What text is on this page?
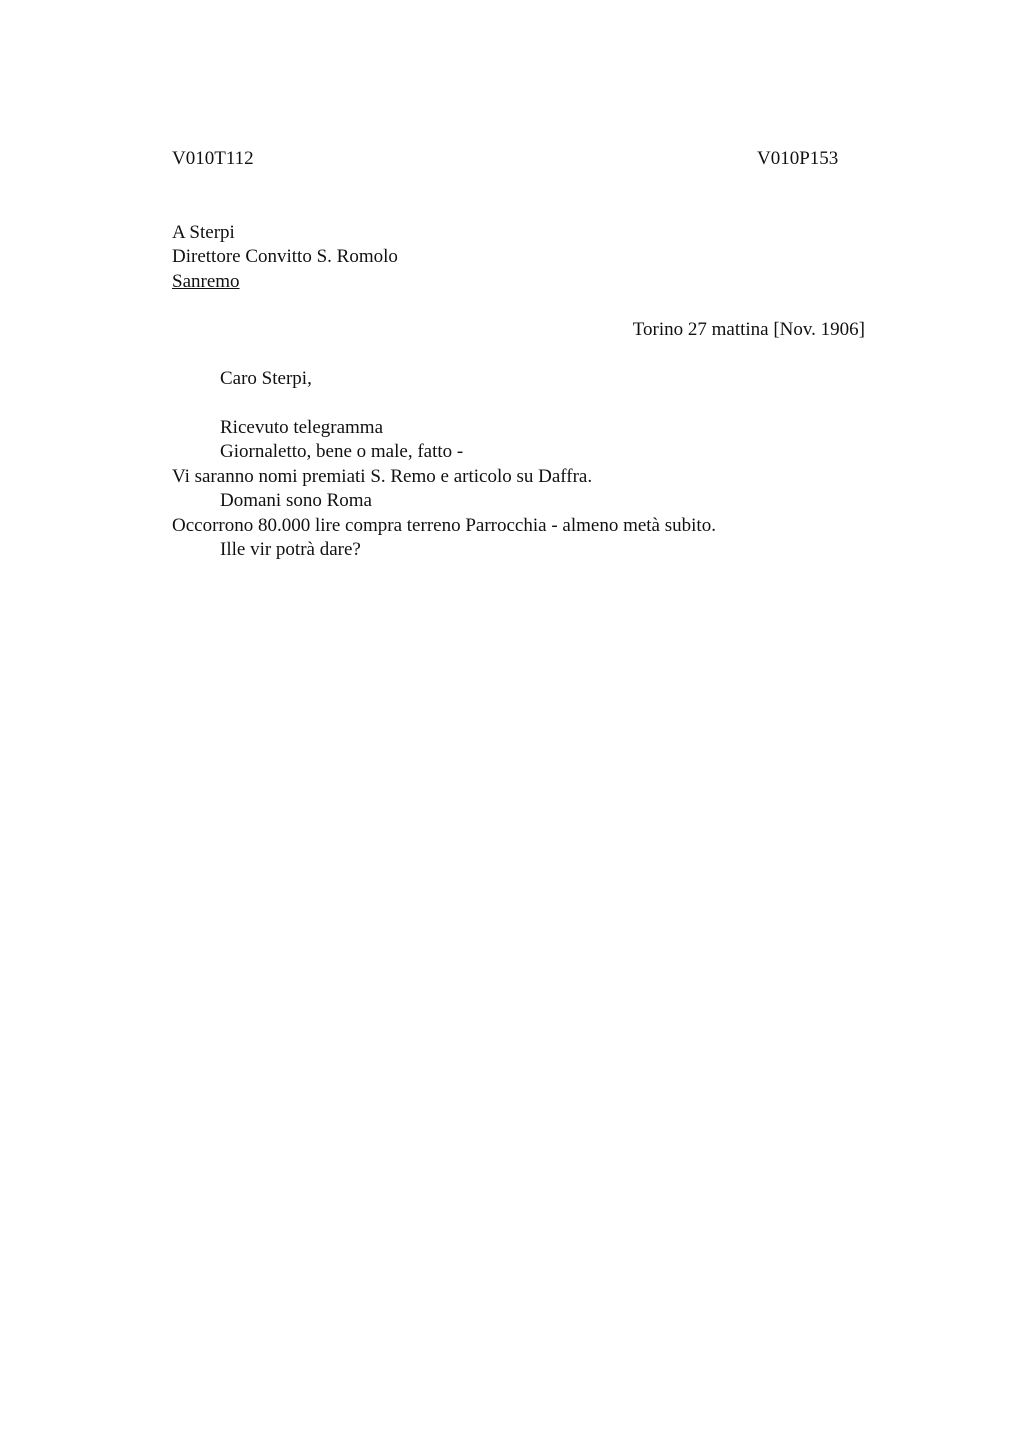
V010T112	V010P153
A Sterpi
Direttore Convitto S. Romolo
Sanremo
Torino 27 mattina [Nov. 1906]
Caro Sterpi,
Ricevuto telegramma
Giornaletto, bene o male, fatto -
Vi saranno nomi premiati S. Remo e articolo su Daffra.
Domani sono Roma
Occorrono 80.000 lire compra terreno Parrocchia - almeno metà subito.
Ille vir potrà dare?
